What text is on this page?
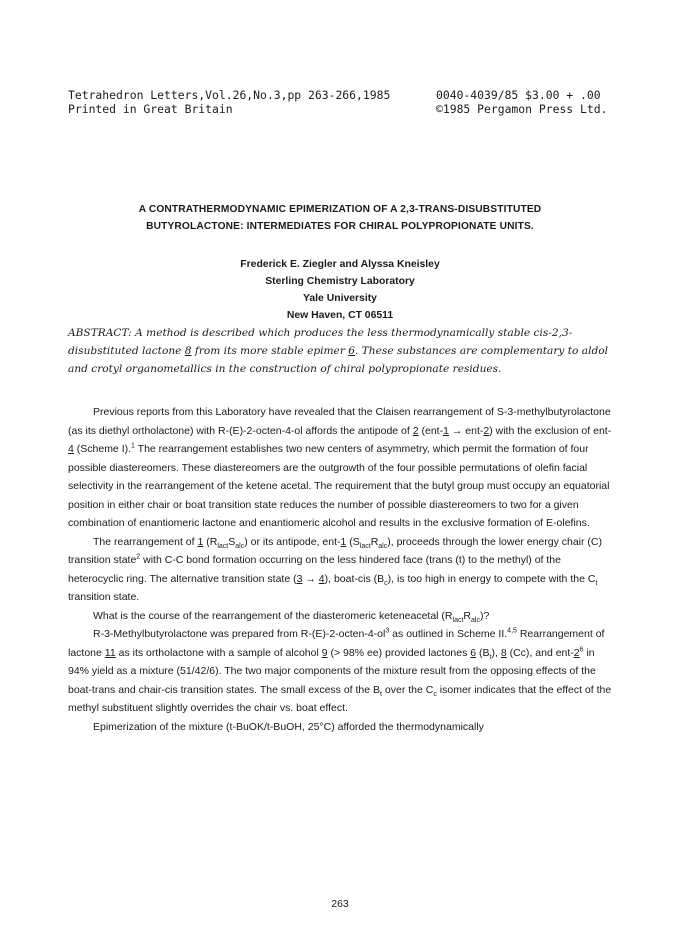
Tetrahedron Letters,Vol.26,No.3,pp 263-266,1985
Printed in Great Britain
0040-4039/85 $3.00 + .00
©1985 Pergamon Press Ltd.
A CONTRATHERMODYNAMIC EPIMERIZATION OF A 2,3-TRANS-DISUBSTITUTED
BUTYROLACTONE: INTERMEDIATES FOR CHIRAL POLYPROPIONATE UNITS.
Frederick E. Ziegler and Alyssa Kneisley
Sterling Chemistry Laboratory
Yale University
New Haven, CT 06511
ABSTRACT: A method is described which produces the less thermodynamically stable cis-2,3-disubstituted lactone 8 from its more stable epimer 6. These substances are complementary to aldol and crotyl organometallics in the construction of chiral polypropionate residues.

Previous reports from this Laboratory have revealed that the Claisen rearrangement of S-3-methylbutyrolactone (as its diethyl ortholactone) with R-(E)-2-octen-4-ol affords the antipode of 2 (ent-1 → ent-2) with the exclusion of ent-4 (Scheme I).$^1$ The rearrangement establishes two new centers of asymmetry, which permit the formation of four possible diastereomers. These diastereomers are the outgrowth of the four possible permutations of olefin facial selectivity in the rearrangement of the ketene acetal. The requirement that the butyl group must occupy an equatorial position in either chair or boat transition state reduces the number of possible diastereomers to two for a given combination of enantiomeric lactone and enantiomeric alcohol and results in the exclusive formation of E-olefins.

The rearrangement of 1 $(R_{lact}S_{alc})$ or its antipode, ent-1 $(S_{lact}R_{alc})$, proceeds through the lower energy chair (C) transition state$^2$ with C-C bond formation occurring on the less hindered face (trans (t) to the methyl) of the heterocyclic ring. The alternative transition state (3 → 4), boat-cis $(B_c)$, is too high in energy to compete with the $C_t$ transition state.

What is the course of the rearrangement of the diasteromeric keteneacetal $(R_{lact}R_{alc})$?

R-3-Methylbutyrolactone was prepared from $R-(E)-2-octen-4-ol^3$ as outlined in Scheme II.$^{4,5}$ Rearrangement of lactone 11 as its ortholactone with a sample of alcohol 9 (> 98% ee) provided lactones 6 $(B_t)$, 8 (Cc), and ent-$2^6$ in 94% yield as a mixture (51/42/6). The two major components of the mixture result from the opposing effects of the boat-trans and chair-cis transition states. The small excess of the $B_t$ over the $C_c$ isomer indicates that the effect of the methyl substituent slightly overrides the chair vs. boat effect.

Epimerization of the mixture (t-BuOK/t-BuOH, 25°C) afforded the thermodynamically

263
